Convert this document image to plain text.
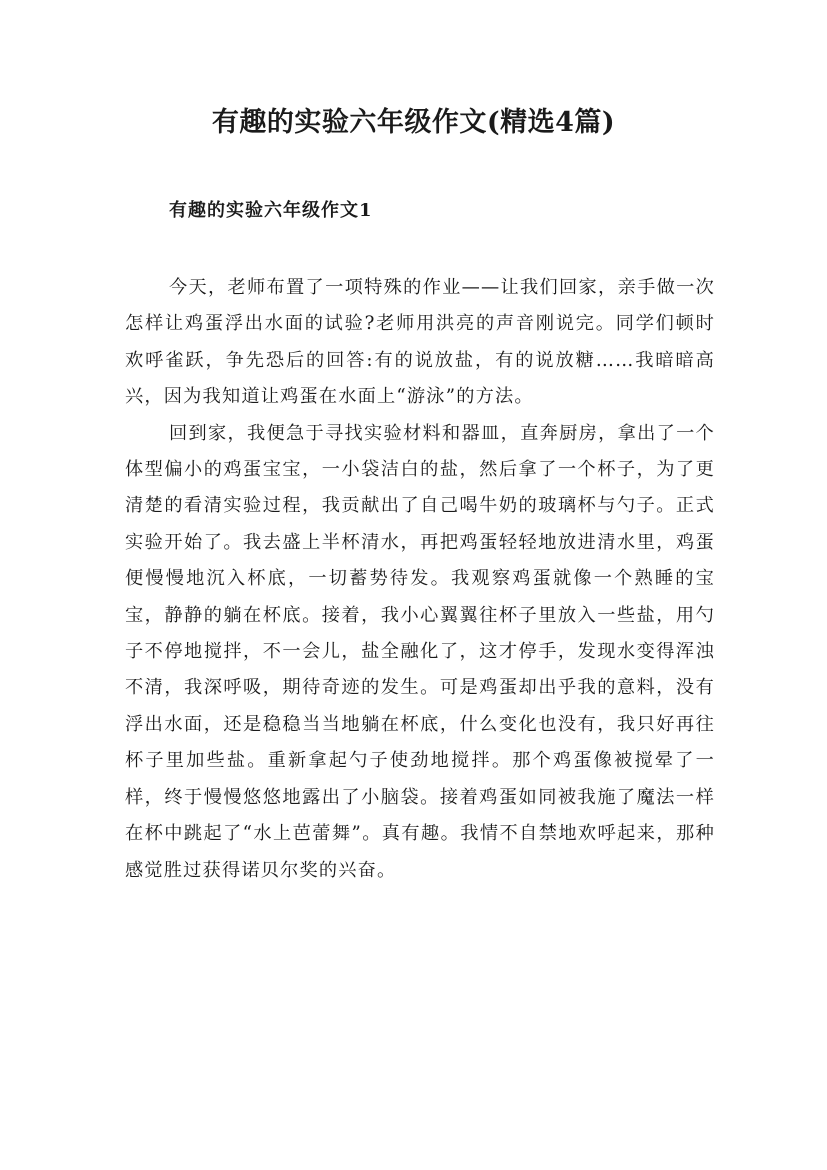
有趣的实验六年级作文(精选4篇)
有趣的实验六年级作文1

今天，老师布置了一项特殊的作业——让我们回家，亲手做一次怎样让鸡蛋浮出水面的试验?老师用洪亮的声音刚说完。同学们顿时欢呼雀跃，争先恐后的回答:有的说放盐，有的说放糖……我暗暗高兴，因为我知道让鸡蛋在水面上“游泳”的方法。

回到家，我便急于寻找实验材料和器皿，直奔厨房，拿出了一个体型偏小的鸡蛋宝宝，一小袋洁白的盐，然后拿了一个杯子，为了更清楚的看清实验过程，我贡献出了自己喝牛奶的玻璃杯与勺子。正式实验开始了。我去盛上半杯清水，再把鸡蛋轻轻地放进清水里，鸡蛋便慢慢地沉入杯底，一切蓄势待发。我观察鸡蛋就像一个熟睡的宝宝，静静的躺在杯底。接着，我小心翼翼往杯子里放入一些盐，用勺子不停地搅拌，不一会儿，盐全融化了，这才停手，发现水变得浑浊不清，我深呼吸，期待奇迹的发生。可是鸡蛋却出乎我的意料，没有浮出水面，还是稳稳当当地躺在杯底，什么变化也没有，我只好再往杯子里加些盐。重新拿起勺子使劲地搅拌。那个鸡蛋像被搅晕了一样，终于慢慢悠悠地露出了小脑袋。接着鸡蛋如同被我施了魔法一样在杯中跳起了“水上芭蕾舞”。真有趣。我情不自禁地欢呼起来，那种感觉胜过获得诺贝尔奖的兴奋。
